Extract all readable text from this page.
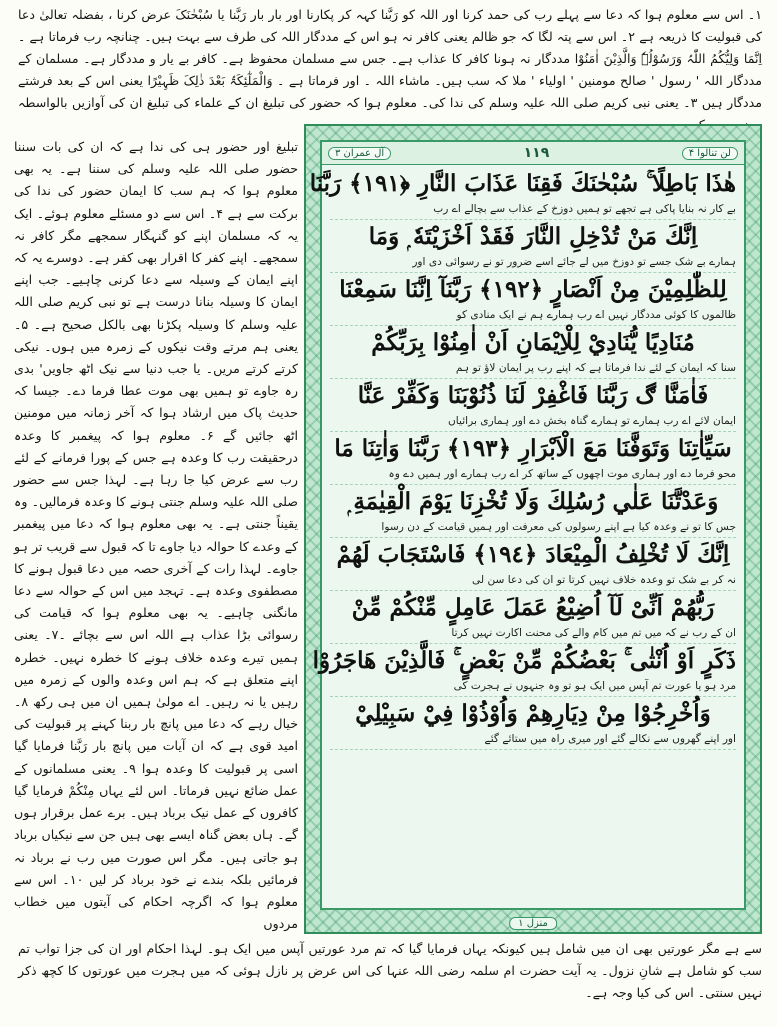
۱۔ اس سے معلوم ہوا کہ دعا سے پہلے رب کی حمد کرنا اور اللہ کو رَبَّنا کہہ کر پکارنا اور بار بار رَبَّنا یا سُبْحٰنَکَ عرض کرنا ، بفضلہ تعالیٰ دعا کی قبولیت کا ذریعہ ہے ۲۔ اس سے پتہ لگا کہ جو ظالم یعنی کافر نہ ہو اس کے مددگار اللہ کی طرف سے بہت ہیں۔ چنانچہ رب فرماتا ہے ۔ اِنَّمَا وَلِیُّکُمُ اللّٰہُ وَرَسُوْلُہٗ وَالَّذِیْنَ اٰمَنُوْا مددگار نہ ہونا کافر کا عذاب ہے۔ جس سے مسلمان محفوظ ہے۔ کافر بے یار و مددگار ہے۔ مسلمان کے مددگار اللہ ' رسول ' صالح مومنین ' اولیاء ' ملا کہ سب ہیں۔ ماشاء اللہ ۔ اور فرماتا ہے ۔ وَالْمَلٰٓئِکَۃُ بَعْدَ ذٰلِکَ ظَہِیْرًا یعنی اس کے بعد فرشتے مددگار ہیں ۳۔ یعنی نبی کریم صلی اللہ علیہ وسلم کی ندا کی۔ معلوم ہوا کہ حضور کی تبلیغ ان کے علماء کی تبلیغ ان کی آوازیں بالواسطہ
تبلیغ اور حضور ہی کی ندا ہے کہ ان کی بات سننا حضور صلی اللہ علیہ وسلم کی سننا ہے۔ یہ بھی معلوم ہوا کہ ہم سب کا ایمان حضور کی ندا کی برکت سے ہے ۴۔ اس سے دو مسئلے معلوم ہوئے۔ ایک یہ کہ مسلمان اپنے کو گنہگار سمجھے مگر کافر نہ سمجھے۔ اپنے کفر کا اقرار بھی کفر ہے۔ دوسرے یہ کہ اپنے ایمان کے وسیلہ سے دعا کرنی چاہیے۔ جب اپنے ایمان کا وسیلہ بنانا درست ہے تو نبی کریم صلی اللہ علیہ وسلم کا وسیلہ پکڑنا بھی بالکل صحیح ہے۔ ۵۔ یعنی ہم مرتے وقت نیکوں کے زمرہ میں ہوں۔ نیکی کرتے کرتے مریں۔ یا جب دنیا سے نیک اٹھ جاویں' بدی رہ جاوے تو ہمیں بھی موت عطا فرما دے۔ جیسا کہ حدیث پاک میں ارشاد ہوا کہ آخر زمانہ میں مومنین اٹھ جائیں گے ۶۔ معلوم ہوا کہ پیغمبر کا وعدہ درحقیقت رب کا وعدہ ہے جس کے پورا فرمانے کے لئے رب سے عرض کیا جا رہا ہے۔ لہذا جس سے حضور صلی اللہ علیہ وسلم جنتی ہونے کا وعدہ فرمالیں۔ وہ یقیناً جنتی ہے۔ یہ بھی معلوم ہوا کہ دعا میں پیغمبر کے وعدے کا حوالہ دیا جاوے تا کہ قبول سے قریب تر ہو جاوے۔ لہذا رات کے آخری حصہ میں دعا قبول ہونے کا مصطفوی وعدہ ہے۔ تہجد میں اس کے حوالہ سے دعا مانگنی چاہیے۔ یہ بھی معلوم ہوا کہ قیامت کی رسوائی بڑا عذاب ہے اللہ اس سے بچائے ۔۷۔ یعنی ہمیں تیرے وعدہ خلاف ہونے کا خطرہ نہیں۔ خطرہ اپنے متعلق ہے کہ ہم اس وعدہ والوں کے زمرہ میں رہیں یا نہ رہیں۔ اے مولیٰ ہمیں ان میں ہی رکھ ۸۔ خیال رہے کہ دعا میں پانچ بار ربنا کہنے پر قبولیت کی امید قوی ہے کہ ان آیات میں پانچ بار رَبَّنا فرمایا گیا اسی پر قبولیت کا وعدہ ہوا ۹۔ یعنی مسلمانوں کے عمل ضائع نہیں فرماتا۔ اس لئے یہاں مِنْکُمْ فرمایا گیا کافروں کے عمل نیک برباد ہیں۔ برے عمل برقرار ہوں گے۔ ہاں بعض گناہ ایسے بھی ہیں جن سے نیکیاں برباد ہو جاتی ہیں۔ مگر اس صورت میں رب نے برباد نہ فرمائیں بلکہ بندے نے خود برباد کر لیں ۱۰۔ اس سے معلوم ہوا کہ اگرچہ احکام کی آیتوں میں خطاب مردوں
آل عمران ۳	۱۱۹	لن تنالوا ۴
هٰذَا بَاطِلًا ۚ سُبْحٰنَكَ فَقِنَا عَذَابَ النَّارِ ﴿١٩١﴾ رَبَّنَا
بے کار نہ بنایا پاکی ہے تجھے تو ہمیں دوزخ کے عذاب سے بچالے اے رب
اِنَّكَ مَنْ تُدْخِلِ النَّارَ فَقَدْ اَخْزَيْتَهٗ ۭ وَمَا
ہمارے بے شک جسے تو دوزخ میں لے جائے اسے ضرور تو نے رسوائی دی اور
لِلظّٰلِمِيْنَ مِنْ اَنْصَارٍ ﴿١٩٢﴾ رَبَّنَآ اِنَّنَا سَمِعْنَا
ظالموں کا کوئی مددگار نہیں اے رب ہمارے ہم نے ایک منادی کو
مُنَادِيًا يُّنَادِيْ لِلْاِيْمَانِ اَنْ اٰمِنُوْا بِرَبِّكُمْ
سنا کہ ایمان کے لئے ندا فرماتا ہے کہ اپنے رب پر ایمان لاؤ تو ہم
فَاٰمَنَّا ڰ رَبَّنَا فَاغْفِرْ لَنَا ذُنُوْبَنَا وَكَفِّرْ عَنَّا
ایمان لائے اے رب ہمارے تو ہمارے گناہ بخش دے اور ہماری برائیاں
سَيِّاٰتِنَا وَتَوَفَّنَا مَعَ الْاَبْرَارِ ﴿١٩٣﴾ رَبَّنَا وَاٰتِنَا مَا
محو فرما دے اور ہماری موت اچھوں کے ساتھ کر اے رب ہمارے اور ہمیں دے وہ
وَعَدْتَّنَا عَلٰي رُسُلِكَ وَلَا تُخْزِنَا يَوْمَ الْقِيٰمَةِ ۭ
جس کا تو نے وعدہ کیا ہے اپنے رسولوں کی معرفت اور ہمیں قیامت کے دن رسوا
اِنَّكَ لَا تُخْلِفُ الْمِيْعَادَ ﴿١٩٤﴾ فَاسْتَجَابَ لَهُمْ
نہ کر بے شک تو وعدہ خلاف نہیں کرتا تو ان کی دعا سن لی
رَبُّهُمْ اَنِّىْ لَآ اُضِيْعُ عَمَلَ عَامِلٍ مِّنْكُمْ مِّنْ
ان کے رب نے کہ میں تم میں کام والے کی محنت اکارت نہیں کرتا
ذَكَرٍ اَوْ اُنْثٰى ۚ بَعْضُكُمْ مِّنْ بَعْضٍ ۚ فَالَّذِيْنَ هَاجَرُوْا
مرد ہو یا عورت تم آپس میں ایک ہو تو وہ جنہوں نے ہجرت کی
وَاُخْرِجُوْا مِنْ دِيَارِهِمْ وَاُوْذُوْا فِيْ سَبِيْلِيْ
اور اپنے گھروں سے نکالے گئے اور میری راہ میں ستائے گئے
منزل ۱
سے ہے مگر عورتیں بھی ان میں شامل ہیں کیونکہ یہاں فرمایا گیا کہ تم مرد عورتیں آپس میں ایک ہو۔ لہذا احکام اور ان کی جزا تواب تم سب کو شامل ہے شانِ نزول۔ یہ آیت حضرت ام سلمہ رضی اللہ عنہا کی اس عرض پر نازل ہوئی کہ میں ہجرت میں عورتوں کا کچھ ذکر نہیں سنتی۔ اس کی کیا وجہ ہے۔
